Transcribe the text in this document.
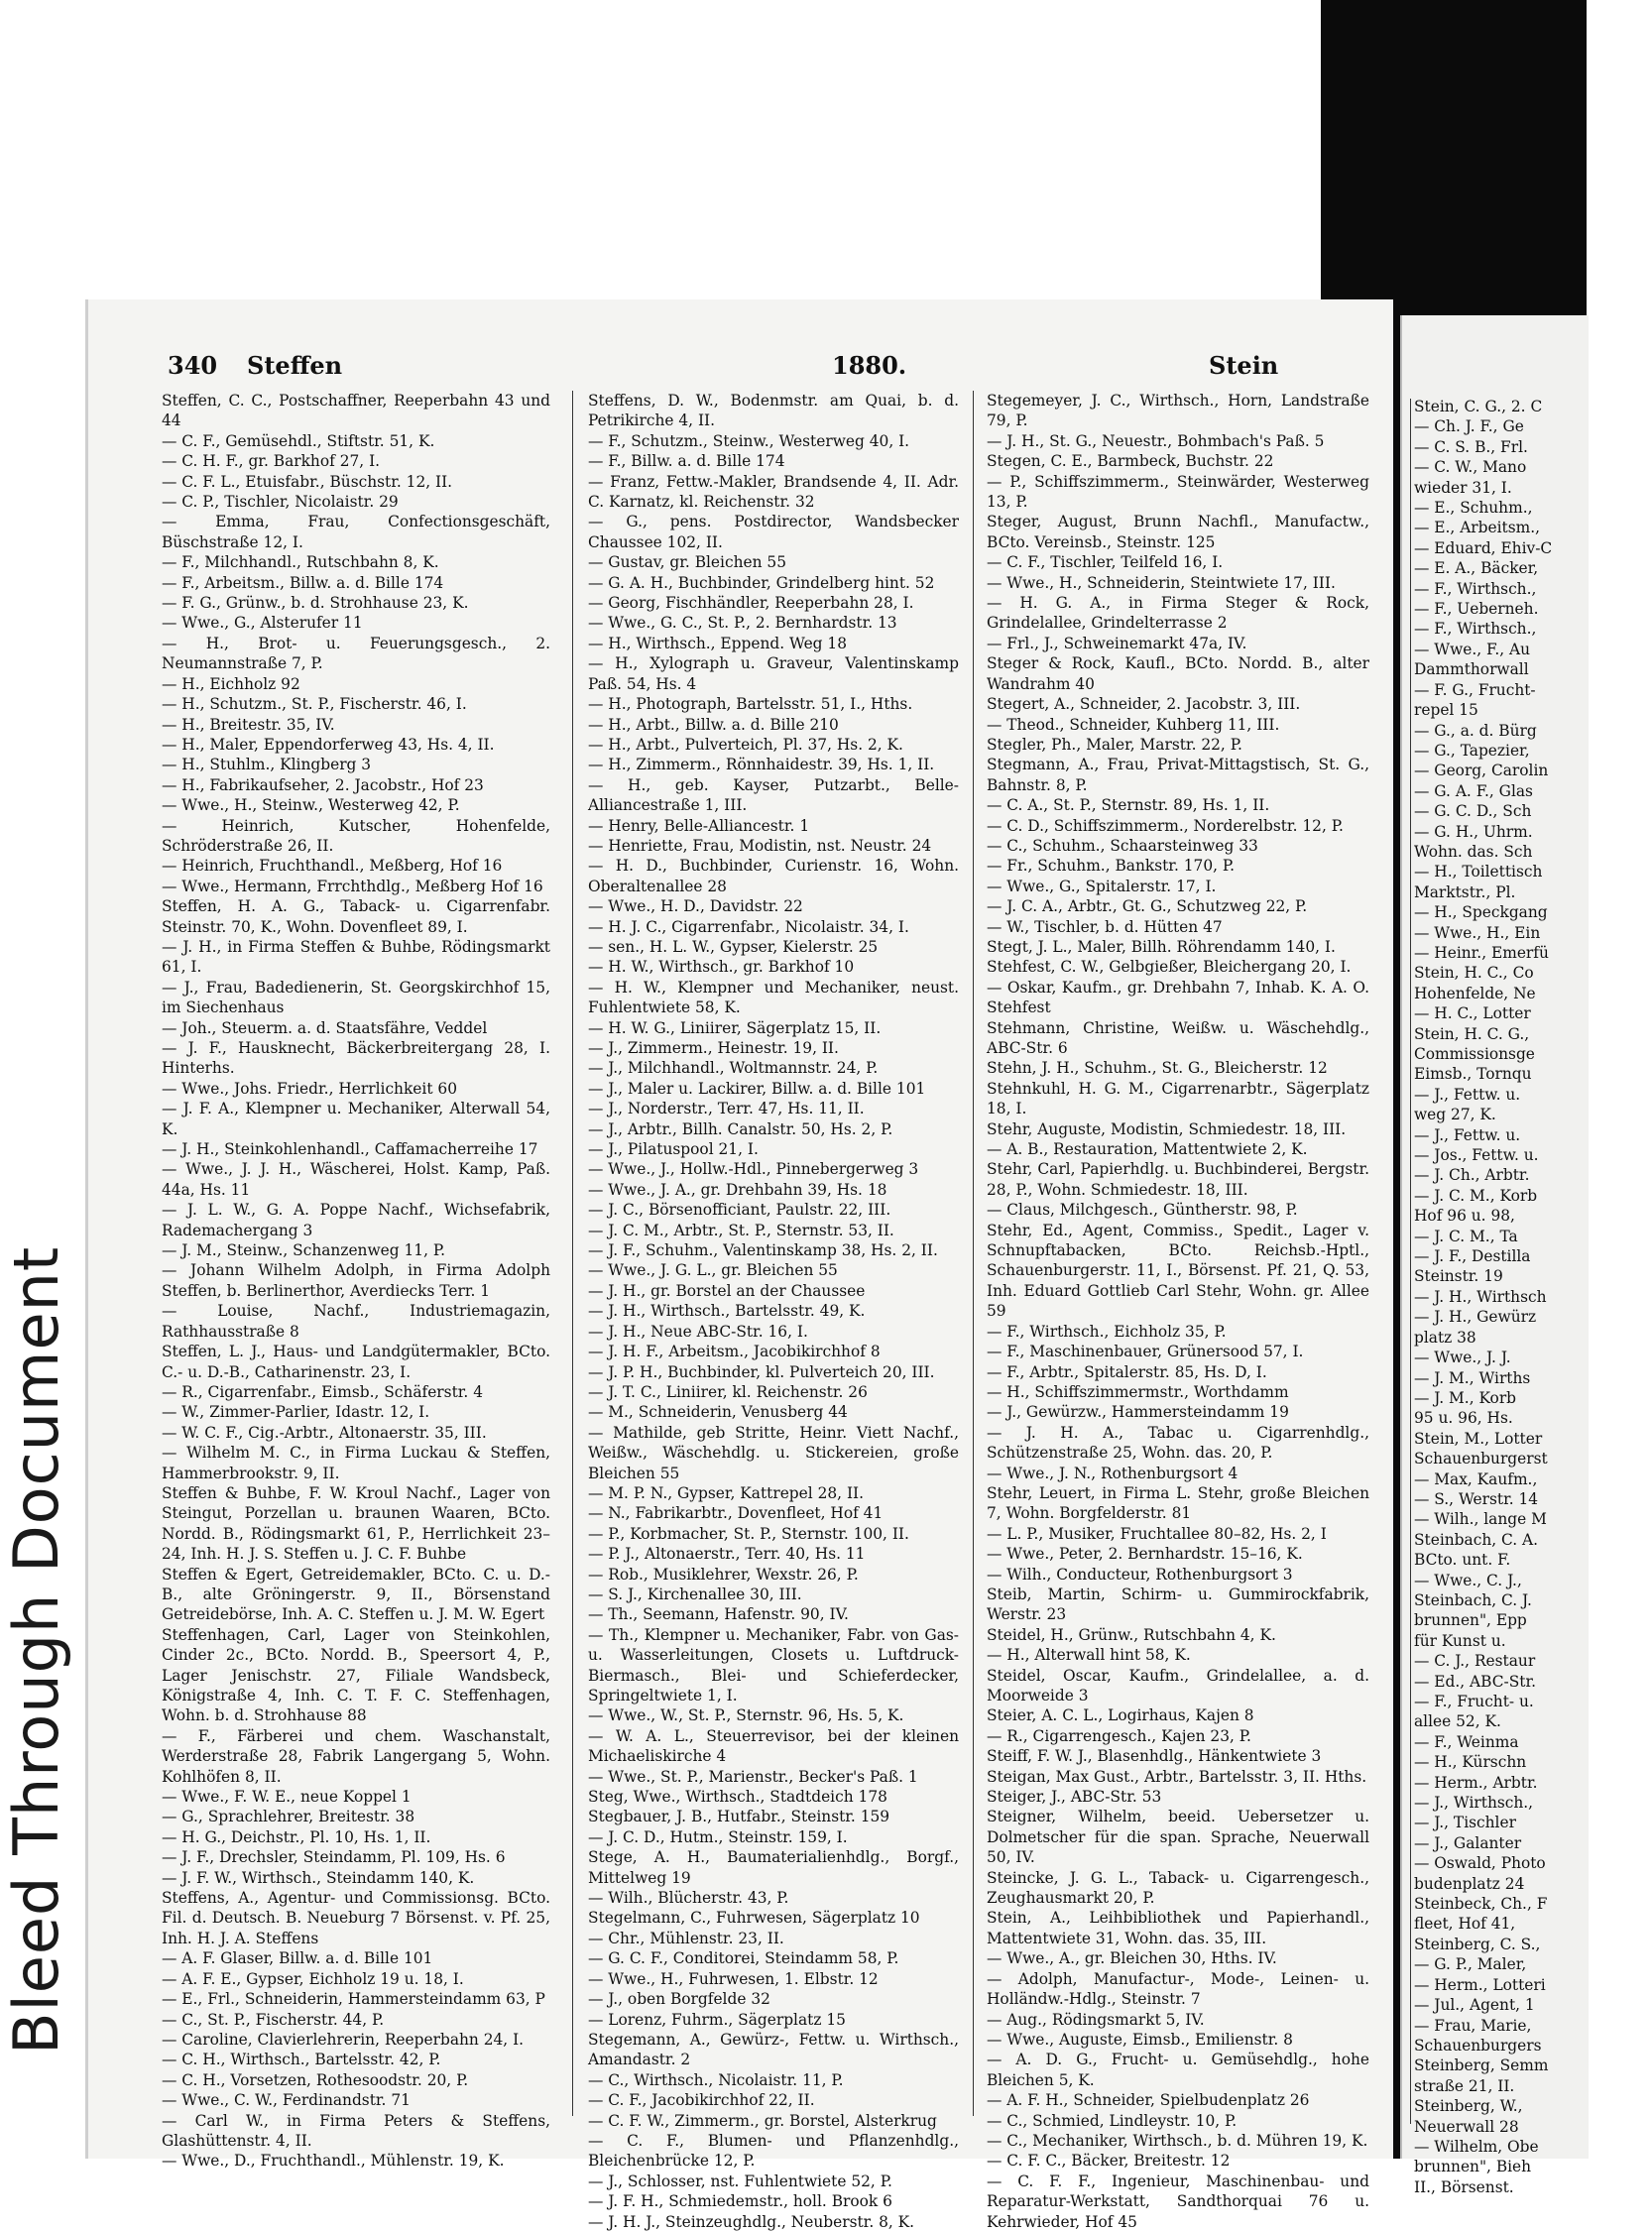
Bleed Through Document
340 Steffen	1880.	Stein

Steffen, C. C., Postschaffner, Reeperbahn 43 und 44

— C. F., Gemüsehdl., Stiftstr. 51, K.

— C. H. F., gr. Barkhof 27, I.

— C. F. L., Etuisfabr., Büschstr. 12, II.

— C. P., Tischler, Nicolaistr. 29

— Emma, Frau, Confectionsgeschäft, Büschstraße 12, I.

— F., Milchhandl., Rutschbahn 8, K.

— F., Arbeitsm., Billw. a. d. Bille 174

— F. G., Grünw., b. d. Strohhause 23, K.

— Wwe., G., Alsterufer 11

— H., Brot- u. Feuerungsgesch., 2. Neumannstraße 7, P.

— H., Eichholz 92

— H., Schutzm., St. P., Fischerstr. 46, I.

— H., Breitestr. 35, IV.

— H., Maler, Eppendorferweg 43, Hs. 4, II.

— H., Stuhlm., Klingberg 3

— H., Fabrikaufseher, 2. Jacobstr., Hof 23

— Wwe., H., Steinw., Westerweg 42, P.

— Heinrich, Kutscher, Hohenfelde, Schröderstraße 26, II.

— Heinrich, Fruchthandl., Meßberg, Hof 16

— Wwe., Hermann, Frrchthdlg., Meßberg Hof 16

Steffen, H. A. G., Taback- u. Cigarrenfabr. Steinstr. 70, K., Wohn. Dovenfleet 89, I.

— J. H., in Firma Steffen & Buhbe, Rödingsmarkt 61, I.

— J., Frau, Badedienerin, St. Georgskirchhof 15, im Siechenhaus

— Joh., Steuerm. a. d. Staatsfähre, Veddel

— J. F., Hausknecht, Bäckerbreitergang 28, I. Hinterhs.

— Wwe., Johs. Friedr., Herrlichkeit 60

— J. F. A., Klempner u. Mechaniker, Alterwall 54, K.

— J. H., Steinkohlenhandl., Caffamacherreihe 17

— Wwe., J. J. H., Wäscherei, Holst. Kamp, Paß. 44a, Hs. 11

— J. L. W., G. A. Poppe Nachf., Wichsefabrik, Rademachergang 3

— J. M., Steinw., Schanzenweg 11, P.

— Johann Wilhelm Adolph, in Firma Adolph Steffen, b. Berlinerthor, Averdiecks Terr. 1

— Louise, Nachf., Industriemagazin, Rathhausstraße 8

Steffen, L. J., Haus- und Landgütermakler, BCto. C.- u. D.-B., Catharinenstr. 23, I.

— R., Cigarrenfabr., Eimsb., Schäferstr. 4

— W., Zimmer-Parlier, Idastr. 12, I.

— W. C. F., Cig.-Arbtr., Altonaerstr. 35, III.

— Wilhelm M. C., in Firma Luckau & Steffen, Hammerbrookstr. 9, II.

Steffen & Buhbe, F. W. Kroul Nachf., Lager von Steingut, Porzellan u. braunen Waaren, BCto. Nordd. B., Rödingsmarkt 61, P., Herrlichkeit 23–24, Inh. H. J. S. Steffen u. J. C. F. Buhbe

Steffen & Egert, Getreidemakler, BCto. C. u. D.-B., alte Gröningerstr. 9, II., Börsenstand Getreidebörse, Inh. A. C. Steffen u. J. M. W. Egert

Steffenhagen, Carl, Lager von Steinkohlen, Cinder 2c., BCto. Nordd. B., Speersort 4, P., Lager Jenischstr. 27, Filiale Wandsbeck, Königstraße 4, Inh. C. T. F. C. Steffenhagen, Wohn. b. d. Strohhause 88

— F., Färberei und chem. Waschanstalt, Werderstraße 28, Fabrik Langergang 5, Wohn. Kohlhöfen 8, II.

— Wwe., F. W. E., neue Koppel 1

— G., Sprachlehrer, Breitestr. 38

— H. G., Deichstr., Pl. 10, Hs. 1, II.

— J. F., Drechsler, Steindamm, Pl. 109, Hs. 6

— J. F. W., Wirthsch., Steindamm 140, K.

Steffens, A., Agentur- und Commissionsg. BCto. Fil. d. Deutsch. B. Neueburg 7 Börsenst. v. Pf. 25, Inh. H. J. A. Steffens

— A. F. Glaser, Billw. a. d. Bille 101

— A. F. E., Gypser, Eichholz 19 u. 18, I.

— E., Frl., Schneiderin, Hammersteindamm 63, P

— C., St. P., Fischerstr. 44, P.

— Caroline, Clavierlehrerin, Reeperbahn 24, I.

— C. H., Wirthsch., Bartelsstr. 42, P.

— C. H., Vorsetzen, Rothesoodstr. 20, P.

— Wwe., C. W., Ferdinandstr. 71

— Carl W., in Firma Peters & Steffens, Glashüttenstr. 4, II.

— Wwe., D., Fruchthandl., Mühlenstr. 19, K.

Steffens, D. W., Bodenmstr. am Quai, b. d. Petrikirche 4, II.

— F., Schutzm., Steinw., Westerweg 40, I.

— F., Billw. a. d. Bille 174

— Franz, Fettw.-Makler, Brandsende 4, II. Adr. C. Karnatz, kl. Reichenstr. 32

— G., pens. Postdirector, Wandsbecker Chaussee 102, II.

— Gustav, gr. Bleichen 55

— G. A. H., Buchbinder, Grindelberg hint. 52

— Georg, Fischhändler, Reeperbahn 28, I.

— Wwe., G. C., St. P., 2. Bernhardstr. 13

— H., Wirthsch., Eppend. Weg 18

— H., Xylograph u. Graveur, Valentinskamp Paß. 54, Hs. 4

— H., Photograph, Bartelsstr. 51, I., Hths.

— H., Arbt., Billw. a. d. Bille 210

— H., Arbt., Pulverteich, Pl. 37, Hs. 2, K.

— H., Zimmerm., Rönnhaidestr. 39, Hs. 1, II.

— H., geb. Kayser, Putzarbt., Belle-Alliancestraße 1, III.

— Henry, Belle-Alliancestr. 1

— Henriette, Frau, Modistin, nst. Neustr. 24

— H. D., Buchbinder, Curienstr. 16, Wohn. Oberaltenallee 28

— Wwe., H. D., Davidstr. 22

— H. J. C., Cigarrenfabr., Nicolaistr. 34, I.

— sen., H. L. W., Gypser, Kielerstr. 25

— H. W., Wirthsch., gr. Barkhof 10

— H. W., Klempner und Mechaniker, neust. Fuhlentwiete 58, K.

— H. W. G., Liniirer, Sägerplatz 15, II.

— J., Zimmerm., Heinestr. 19, II.

— J., Milchhandl., Woltmannstr. 24, P.

— J., Maler u. Lackirer, Billw. a. d. Bille 101

— J., Norderstr., Terr. 47, Hs. 11, II.

— J., Arbtr., Billh. Canalstr. 50, Hs. 2, P.

— J., Pilatuspool 21, I.

— Wwe., J., Hollw.-Hdl., Pinnebergerweg 3

— Wwe., J. A., gr. Drehbahn 39, Hs. 18

— J. C., Börsenofficiant, Paulstr. 22, III.

— J. C. M., Arbtr., St. P., Sternstr. 53, II.

— J. F., Schuhm., Valentinskamp 38, Hs. 2, II.

— Wwe., J. G. L., gr. Bleichen 55

— J. H., gr. Borstel an der Chaussee

— J. H., Wirthsch., Bartelsstr. 49, K.

— J. H., Neue ABC-Str. 16, I.

— J. H. F., Arbeitsm., Jacobikirchhof 8

— J. P. H., Buchbinder, kl. Pulverteich 20, III.

— J. T. C., Liniirer, kl. Reichenstr. 26

— M., Schneiderin, Venusberg 44

— Mathilde, geb Stritte, Heinr. Viett Nachf., Weißw., Wäschehdlg. u. Stickereien, große Bleichen 55

— M. P. N., Gypser, Kattrepel 28, II.

— N., Fabrikarbtr., Dovenfleet, Hof 41

— P., Korbmacher, St. P., Sternstr. 100, II.

— P. J., Altonaerstr., Terr. 40, Hs. 11

— Rob., Musiklehrer, Wexstr. 26, P.

— S. J., Kirchenallee 30, III.

— Th., Seemann, Hafenstr. 90, IV.

— Th., Klempner u. Mechaniker, Fabr. von Gas- u. Wasserleitungen, Closets u. Luftdruck-Biermasch., Blei- und Schieferdecker, Springeltwiete 1, I.

— Wwe., W., St. P., Sternstr. 96, Hs. 5, K.

— W. A. L., Steuerrevisor, bei der kleinen Michaeliskirche 4

— Wwe., St. P., Marienstr., Becker's Paß. 1

Steg, Wwe., Wirthsch., Stadtdeich 178

Stegbauer, J. B., Hutfabr., Steinstr. 159

— J. C. D., Hutm., Steinstr. 159, I.

Stege, A. H., Baumaterialienhdlg., Borgf., Mittelweg 19

— Wilh., Blücherstr. 43, P.

Stegelmann, C., Fuhrwesen, Sägerplatz 10

— Chr., Mühlenstr. 23, II.

— G. C. F., Conditorei, Steindamm 58, P.

— Wwe., H., Fuhrwesen, 1. Elbstr. 12

— J., oben Borgfelde 32

— Lorenz, Fuhrm., Sägerplatz 15

Stegemann, A., Gewürz-, Fettw. u. Wirthsch., Amandastr. 2

— C., Wirthsch., Nicolaistr. 11, P.

— C. F., Jacobikirchhof 22, II.

— C. F. W., Zimmerm., gr. Borstel, Alsterkrug

— C. F., Blumen- und Pflanzenhdlg., Bleichenbrücke 12, P.

— J., Schlosser, nst. Fuhlentwiete 52, P.

— J. F. H., Schmiedemstr., holl. Brook 6

— J. H. J., Steinzeughdlg., Neuberstr. 8, K.

Stegemeyer, J. C., Wirthsch., Horn, Landstraße 79, P.

— J. H., St. G., Neuestr., Bohmbach's Paß. 5

Stegen, C. E., Barmbeck, Buchstr. 22

— P., Schiffszimmerm., Steinwärder, Westerweg 13, P.

Steger, August, Brunn Nachfl., Manufactw., BCto. Vereinsb., Steinstr. 125

— C. F., Tischler, Teilfeld 16, I.

— Wwe., H., Schneiderin, Steintwiete 17, III.

— H. G. A., in Firma Steger & Rock, Grindelallee, Grindelterrasse 2

— Frl., J., Schweinemarkt 47a, IV.

Steger & Rock, Kaufl., BCto. Nordd. B., alter Wandrahm 40

Stegert, A., Schneider, 2. Jacobstr. 3, III.

— Theod., Schneider, Kuhberg 11, III.

Stegler, Ph., Maler, Marstr. 22, P.

Stegmann, A., Frau, Privat-Mittagstisch, St. G., Bahnstr. 8, P.

— C. A., St. P., Sternstr. 89, Hs. 1, II.

— C. D., Schiffszimmerm., Norderelbstr. 12, P.

— C., Schuhm., Schaarsteinweg 33

— Fr., Schuhm., Bankstr. 170, P.

— Wwe., G., Spitalerstr. 17, I.

— J. C. A., Arbtr., Gt. G., Schutzweg 22, P.

— W., Tischler, b. d. Hütten 47

Stegt, J. L., Maler, Billh. Röhrendamm 140, I.

Stehfest, C. W., Gelbgießer, Bleichergang 20, I.

— Oskar, Kaufm., gr. Drehbahn 7, Inhab. K. A. O. Stehfest

Stehmann, Christine, Weißw. u. Wäschehdlg., ABC-Str. 6

Stehn, J. H., Schuhm., St. G., Bleicherstr. 12

Stehnkuhl, H. G. M., Cigarrenarbtr., Sägerplatz 18, I.

Stehr, Auguste, Modistin, Schmiedestr. 18, III.

— A. B., Restauration, Mattentwiete 2, K.

Stehr, Carl, Papierhdlg. u. Buchbinderei, Bergstr. 28, P., Wohn. Schmiedestr. 18, III.

— Claus, Milchgesch., Güntherstr. 98, P.

Stehr, Ed., Agent, Commiss., Spedit., Lager v. Schnupftabacken, BCto. Reichsb.-Hptl., Schauenburgerstr. 11, I., Börsenst. Pf. 21, Q. 53, Inh. Eduard Gottlieb Carl Stehr, Wohn. gr. Allee 59

— F., Wirthsch., Eichholz 35, P.

— F., Maschinenbauer, Grünersood 57, I.

— F., Arbtr., Spitalerstr. 85, Hs. D, I.

— H., Schiffszimmermstr., Worthdamm

— J., Gewürzw., Hammersteindamm 19

— J. H. A., Tabac u. Cigarrenhdlg., Schützenstraße 25, Wohn. das. 20, P.

— Wwe., J. N., Rothenburgsort 4

Stehr, Leuert, in Firma L. Stehr, große Bleichen 7, Wohn. Borgfelderstr. 81

— L. P., Musiker, Fruchtallee 80–82, Hs. 2, I

— Wwe., Peter, 2. Bernhardstr. 15–16, K.

— Wilh., Conducteur, Rothenburgsort 3

Steib, Martin, Schirm- u. Gummirockfabrik, Werstr. 23

Steidel, H., Grünw., Rutschbahn 4, K.

— H., Alterwall hint 58, K.

Steidel, Oscar, Kaufm., Grindelallee, a. d. Moorweide 3

Steier, A. C. L., Logirhaus, Kajen 8

— R., Cigarrengesch., Kajen 23, P.

Steiff, F. W. J., Blasenhdlg., Hänkentwiete 3

Steigan, Max Gust., Arbtr., Bartelsstr. 3, II. Hths.

Steiger, J., ABC-Str. 53

Steigner, Wilhelm, beeid. Uebersetzer u. Dolmetscher für die span. Sprache, Neuerwall 50, IV.

Steincke, J. G. L., Taback- u. Cigarrengesch., Zeughausmarkt 20, P.

Stein, A., Leihbibliothek und Papierhandl., Mattentwiete 31, Wohn. das. 35, III.

— Wwe., A., gr. Bleichen 30, Hths. IV.

— Adolph, Manufactur-, Mode-, Leinen- u. Holländw.-Hdlg., Steinstr. 7

— Aug., Rödingsmarkt 5, IV.

— Wwe., Auguste, Eimsb., Emilienstr. 8

— A. D. G., Frucht- u. Gemüsehdlg., hohe Bleichen 5, K.

— A. F. H., Schneider, Spielbudenplatz 26

— C., Schmied, Lindleystr. 10, P.

— C., Mechaniker, Wirthsch., b. d. Mühren 19, K.

— C. F. C., Bäcker, Breitestr. 12

— C. F. F., Ingenieur, Maschinenbau- und Reparatur-Werkstatt, Sandthorquai 76 u. Kehrwieder, Hof 45

Stein, C. G., 2. C
— Ch. J. F., Ge
— C. S. B., Frl.
— C. W., Mano
wieder 31, I.
— E., Schuhm.,
— E., Arbeitsm.,
— Eduard, Ehiv-C
— E. A., Bäcker,
— F., Wirthsch.,
— F., Ueberneh.
— F., Wirthsch.,
— Wwe., F., Au
Dammthorwall
— F. G., Frucht-
repel 15
— G., a. d. Bürg
— G., Tapezier,
— Georg, Carolin
— G. A. F., Glas
— G. C. D., Sch
— G. H., Uhrm.
Wohn. das. Sch
— H., Toilettisch
Marktstr., Pl.
— H., Speckgang
— Wwe., H., Ein
— Heinr., Emerfü
Stein, H. C., Co
Hohenfelde, Ne
— H. C., Lotter
Stein, H. C. G.,
Commissionsge
Eimsb., Tornqu
— J., Fettw. u.
weg 27, K.
— J., Fettw. u.
— Jos., Fettw. u.
— J. Ch., Arbtr.
— J. C. M., Korb
Hof 96 u. 98,
— J. C. M., Ta
— J. F., Destilla
Steinstr. 19
— J. H., Wirthsch
— J. H., Gewürz
platz 38
— Wwe., J. J.
— J. M., Wirths
— J. M., Korb
95 u. 96, Hs.
Stein, M., Lotter
Schauenburgerst
— Max, Kaufm.,
— S., Werstr. 14
— Wilh., lange M
Steinbach, C. A.
BCto. unt. F.
— Wwe., C. J.,
Steinbach, C. J.
brunnen", Epp
für Kunst u.
— C. J., Restaur
— Ed., ABC-Str.
— F., Frucht- u.
allee 52, K.
— F., Weinma
— H., Kürschn
— Herm., Arbtr.
— J., Wirthsch.,
— J., Tischler
— J., Galanter
— Oswald, Photo
budenplatz 24
Steinbeck, Ch., F
fleet, Hof 41,
Steinberg, C. S.,
— G. P., Maler,
— Herm., Lotteri
— Jul., Agent, 1
— Frau, Marie,
Schauenburgers
Steinberg, Semm
straße 21, II.
Steinberg, W.,
Neuerwall 28
— Wilhelm, Obe
brunnen", Bieh
II., Börsenst.
